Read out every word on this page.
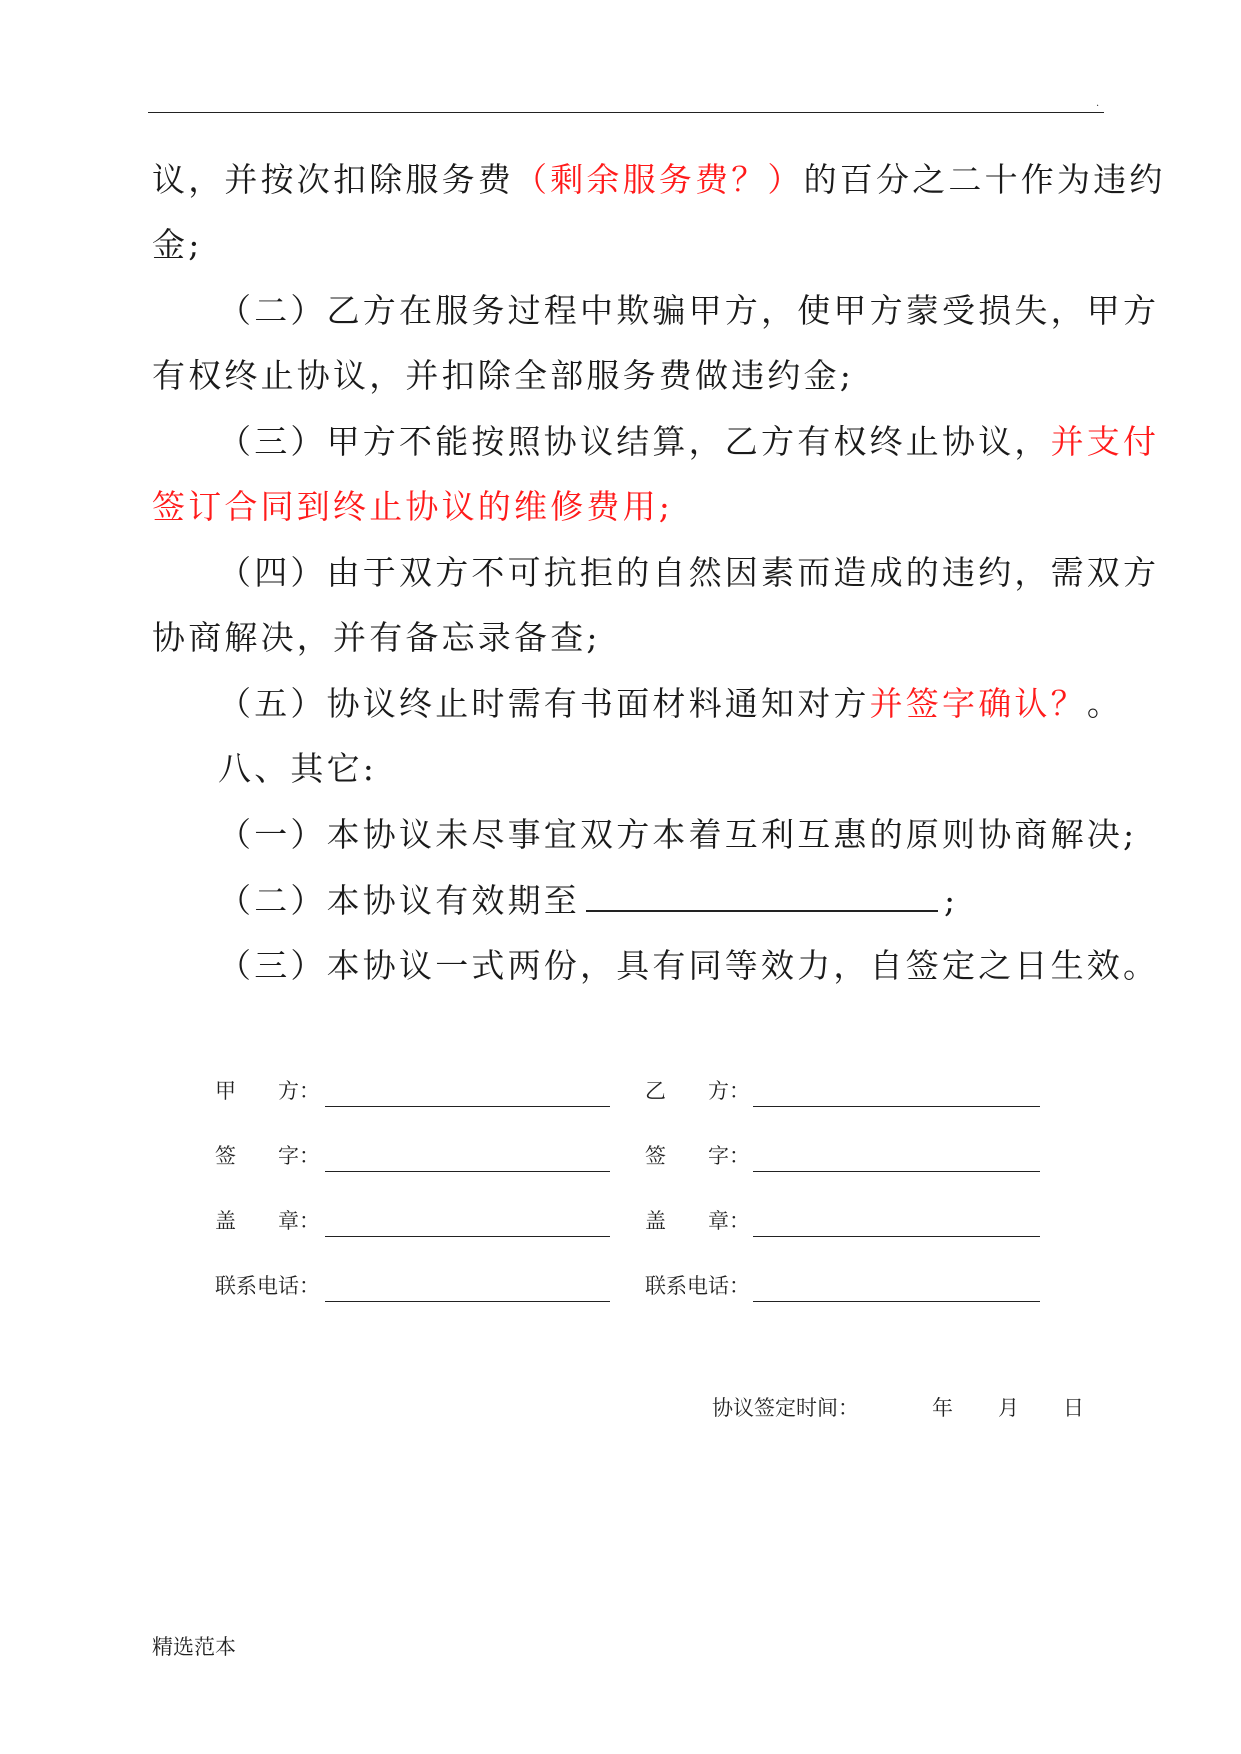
.
议，并按次扣除服务费（剩余服务费？）的百分之二十作为违约
金;
（二）乙方在服务过程中欺骗甲方，使甲方蒙受损失，甲方
有权终止协议，并扣除全部服务费做违约金;
（三）甲方不能按照协议结算，乙方有权终止协议，并支付
签订合同到终止协议的维修费用;
（四）由于双方不可抗拒的自然因素而造成的违约，需双方
协商解决，并有备忘录备查;
（五）协议终止时需有书面材料通知对方并签字确认？。
八、其它:
（一）本协议未尽事宜双方本着互利互惠的原则协商解决;
（二）本协议有效期至	;
（三）本协议一式两份，具有同等效力，自签定之日生效。
甲　　方：
签　　字：
盖　　章：
联系电话：
乙　　方：
签　　字：
盖　　章：
联系电话：
协议签定时间：	年 月 日
精选范本
